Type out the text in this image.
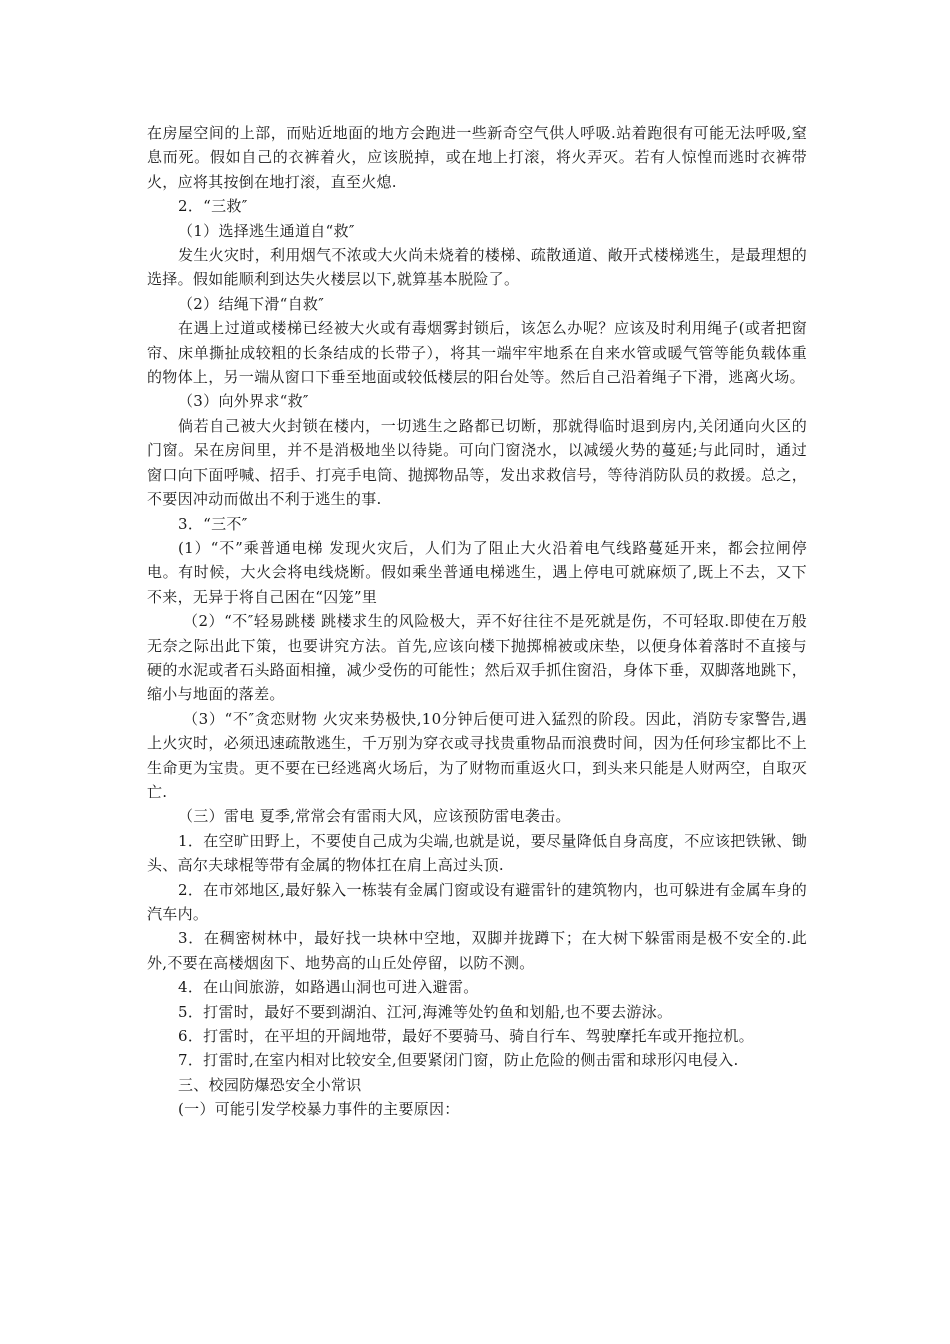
在房屋空间的上部，而贴近地面的地方会跑进一些新奇空气供人呼吸.站着跑很有可能无法呼吸,窒息而死。假如自己的衣裤着火，应该脱掉，或在地上打滚，将火弄灭。若有人惊惶而逃时衣裤带火，应将其按倒在地打滚，直至火熄.

2．“三救″

（1）选择逃生通道自“救″

发生火灾时，利用烟气不浓或大火尚未烧着的楼梯、疏散通道、敞开式楼梯逃生，是最理想的选择。假如能顺利到达失火楼层以下,就算基本脱险了。

（2）结绳下滑“自救″

在遇上过道或楼梯已经被大火或有毒烟雾封锁后，该怎么办呢？应该及时利用绳子(或者把窗帘、床单撕扯成较粗的长条结成的长带子），将其一端牢牢地系在自来水管或暖气管等能负载体重的物体上，另一端从窗口下垂至地面或较低楼层的阳台处等。然后自己沿着绳子下滑，逃离火场。

（3）向外界求“救″

倘若自己被大火封锁在楼内，一切逃生之路都已切断，那就得临时退到房内,关闭通向火区的门窗。呆在房间里，并不是消极地坐以待毙。可向门窗浇水，以减缓火势的蔓延;与此同时，通过窗口向下面呼喊、招手、打亮手电筒、抛掷物品等，发出求救信号，等待消防队员的救援。总之，不要因冲动而做出不利于逃生的事.

3．“三不″

(1）“不”乘普通电梯 发现火灾后，人们为了阻止大火沿着电气线路蔓延开来，都会拉闸停电。有时候，大火会将电线烧断。假如乘坐普通电梯逃生，遇上停电可就麻烦了,既上不去，又下不来，无异于将自己困在“囚笼”里

（2）“不″轻易跳楼 跳楼求生的风险极大，弄不好往往不是死就是伤，不可轻取.即使在万般无奈之际出此下策，也要讲究方法。首先,应该向楼下抛掷棉被或床垫，以便身体着落时不直接与硬的水泥或者石头路面相撞，减少受伤的可能性；然后双手抓住窗沿，身体下垂，双脚落地跳下，缩小与地面的落差。

（3）“不″贪恋财物 火灾来势极快,10分钟后便可进入猛烈的阶段。因此，消防专家警告,遇上火灾时，必须迅速疏散逃生，千万别为穿衣或寻找贵重物品而浪费时间，因为任何珍宝都比不上生命更为宝贵。更不要在已经逃离火场后，为了财物而重返火口，到头来只能是人财两空，自取灭亡.

（三）雷电 夏季,常常会有雷雨大风，应该预防雷电袭击。

1．在空旷田野上，不要使自己成为尖端,也就是说，要尽量降低自身高度，不应该把铁锹、锄头、高尔夫球棍等带有金属的物体扛在肩上高过头顶.

2．在市郊地区,最好躲入一栋装有金属门窗或设有避雷针的建筑物内，也可躲进有金属车身的汽车内。

3．在稠密树林中，最好找一块林中空地，双脚并拢蹲下；在大树下躲雷雨是极不安全的.此外,不要在高楼烟囱下、地势高的山丘处停留，以防不测。

4．在山间旅游，如路遇山洞也可进入避雷。

5．打雷时，最好不要到湖泊、江河,海滩等处钓鱼和划船,也不要去游泳。

6．打雷时，在平坦的开阔地带，最好不要骑马、骑自行车、驾驶摩托车或开拖拉机。

7．打雷时,在室内相对比较安全,但要紧闭门窗，防止危险的侧击雷和球形闪电侵入.

三、校园防爆恐安全小常识

(一）可能引发学校暴力事件的主要原因：
